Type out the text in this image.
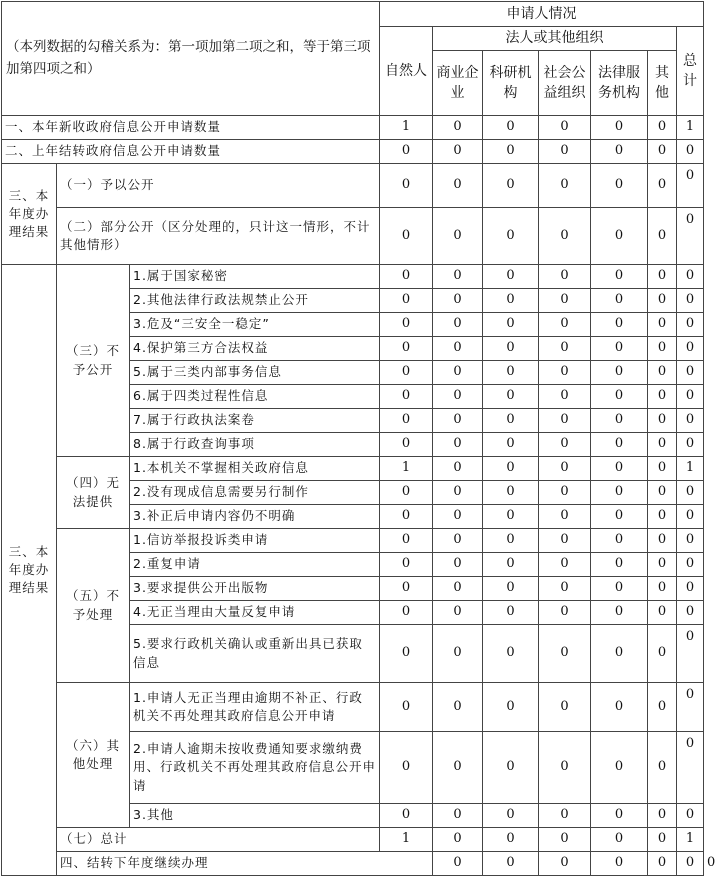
（本列数据的勾稽关系为：第一项加第二项之和，等于第三项加第四项之和）			申请人情况							
			自然人	法人或其他组织					总计	
				商业企业	科研机构	社会公益组织	法律服务机构	其他		
一、本年新收政府信息公开申请数量			1	0	0	0	0	0	1	
二、上年结转政府信息公开申请数量			0	0	0	0	0	0	0	
三、本年度办理结果	（一）予以公开		0	0	0	0	0	0	0	
	（二）部分公开（区分处理的，只计这一情形，不计其他情形）		0	0	0	0	0	0	0	
三、本年度办理结果	（三）不予公开	1.属于国家秘密	0	0	0	0	0	0	0	
		2.其他法律行政法规禁止公开	0	0	0	0	0	0	0	
		3.危及“三安全一稳定”	0	0	0	0	0	0	0	
		4.保护第三方合法权益	0	0	0	0	0	0	0	
		5.属于三类内部事务信息	0	0	0	0	0	0	0	
		6.属于四类过程性信息	0	0	0	0	0	0	0	
		7.属于行政执法案卷	0	0	0	0	0	0	0	
		8.属于行政查询事项	0	0	0	0	0	0	0	
	（四）无法提供	1.本机关不掌握相关政府信息	1	0	0	0	0	0	1	
		2.没有现成信息需要另行制作	0	0	0	0	0	0	0	
		3.补正后申请内容仍不明确	0	0	0	0	0	0	0	
	（五）不予处理	1.信访举报投诉类申请	0	0	0	0	0	0	0	
		2.重复申请	0	0	0	0	0	0	0	
		3.要求提供公开出版物	0	0	0	0	0	0	0	
		4.无正当理由大量反复申请	0	0	0	0	0	0	0	
		5.要求行政机关确认或重新出具已获取信息	0	0	0	0	0	0	0	
	（六）其他处理	1.申请人无正当理由逾期不补正、行政机关不再处理其政府信息公开申请	0	0	0	0	0	0	0	
		2.申请人逾期未按收费通知要求缴纳费用、行政机关不再处理其政府信息公开申请	0	0	0	0	0	0	0	
		3.其他	0	0	0	0	0	0	0	
	（七）总计		1	0	0	0	0	0	1	
	四、结转下年度继续办理			0	0	0	0	0	0	0
